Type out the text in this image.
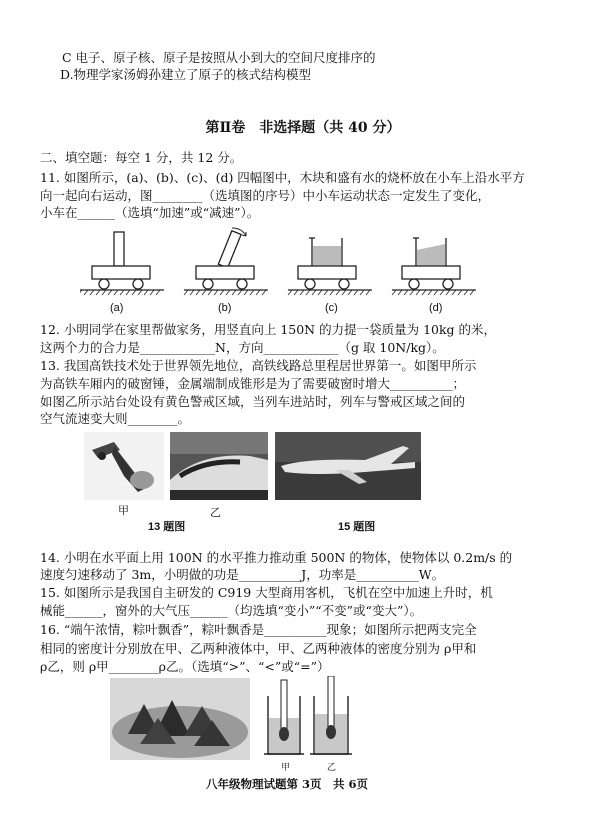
C 电子、原子核、原子是按照从小到大的空间尺度排序的
D.物理学家汤姆孙建立了原子的核式结构模型
第Ⅱ卷　非选择题（共 40 分）
二、填空题：每空 1 分，共 12 分。
11. 如图所示，(a)、(b)、(c)、(d) 四幅图中，木块和盛有水的烧杯放在小车上沿水平方
向一起向右运动，图________（选填图的序号）中小车运动状态一定发生了变化，
小车在______（选填“加速”或“减速”）。
(a)	(b)	(c)	(d)
12. 小明同学在家里帮做家务，用竖直向上 150N 的力提一袋质量为 10kg 的米，
这两个力的合力是____________N，方向____________（g 取 10N/kg）。
13. 我国高铁技术处于世界领先地位，高铁线路总里程居世界第一。如图甲所示
为高铁车厢内的破窗锤，金属端制成锥形是为了需要破窗时增大__________；
如图乙所示站台处设有黄色警戒区域，当列车进站时，列车与警戒区域之间的
空气流速变大则________。
甲	乙
13 题图	15 题图
14. 小明在水平面上用 100N 的水平推力推动重 500N 的物体，使物体以 0.2m/s 的
速度匀速移动了 3m，小明做的功是__________J，功率是__________W。
15. 如图所示是我国自主研发的 C919 大型商用客机，飞机在空中加速上升时，机
械能______，窗外的大气压______（均选填“变小”“不变”或“变大”）。
16. “端午浓情，粽叶飘香”，粽叶飘香是__________现象；如图所示把两支完全
相同的密度计分别放在甲、乙两种液体中，甲、乙两种液体的密度分别为 ρ甲和
ρ乙，则 ρ甲________ρ乙。（选填“>”、“<”或“=”）
甲	乙
八年级物理试题第 3页　共 6页
